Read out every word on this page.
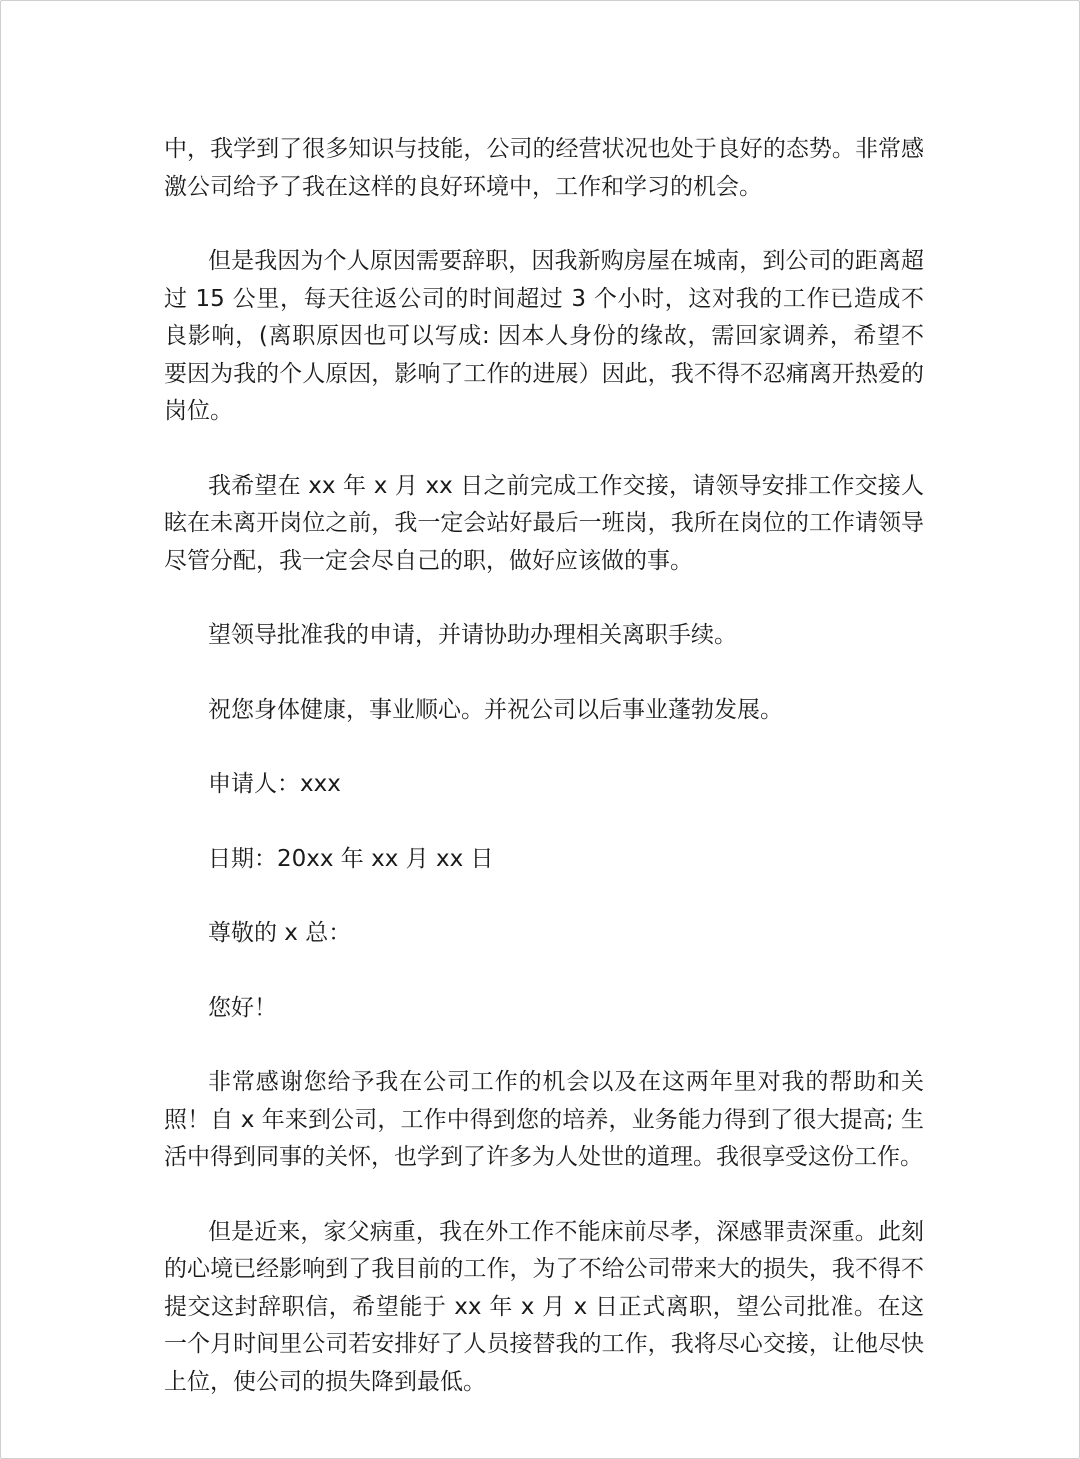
中，我学到了很多知识与技能，公司的经营状况也处于良好的态势。非常感激公司给予了我在这样的良好环境中，工作和学习的机会。

但是我因为个人原因需要辞职，因我新购房屋在城南，到公司的距离超过 15 公里，每天往返公司的时间超过 3 个小时，这对我的工作已造成不良影响，(离职原因也可以写成: 因本人身份的缘故，需回家调养，希望不要因为我的个人原因，影响了工作的进展）因此，我不得不忍痛离开热爱的岗位。

我希望在 xx 年 x 月 xx 日之前完成工作交接，请领导安排工作交接人眩在未离开岗位之前，我一定会站好最后一班岗，我所在岗位的工作请领导尽管分配，我一定会尽自己的职，做好应该做的事。

望领导批准我的申请，并请协助办理相关离职手续。

祝您身体健康，事业顺心。并祝公司以后事业蓬勃发展。

申请人：xxx

日期：20xx 年 xx 月 xx 日

尊敬的 x 总：

您好！

非常感谢您给予我在公司工作的机会以及在这两年里对我的帮助和关照！自 x 年来到公司，工作中得到您的培养，业务能力得到了很大提高; 生活中得到同事的关怀，也学到了许多为人处世的道理。我很享受这份工作。

但是近来，家父病重，我在外工作不能床前尽孝，深感罪责深重。此刻的心境已经影响到了我目前的工作，为了不给公司带来大的损失，我不得不提交这封辞职信，希望能于 xx 年 x 月 x 日正式离职，望公司批准。在这一个月时间里公司若安排好了人员接替我的工作，我将尽心交接，让他尽快上位，使公司的损失降到最低。
